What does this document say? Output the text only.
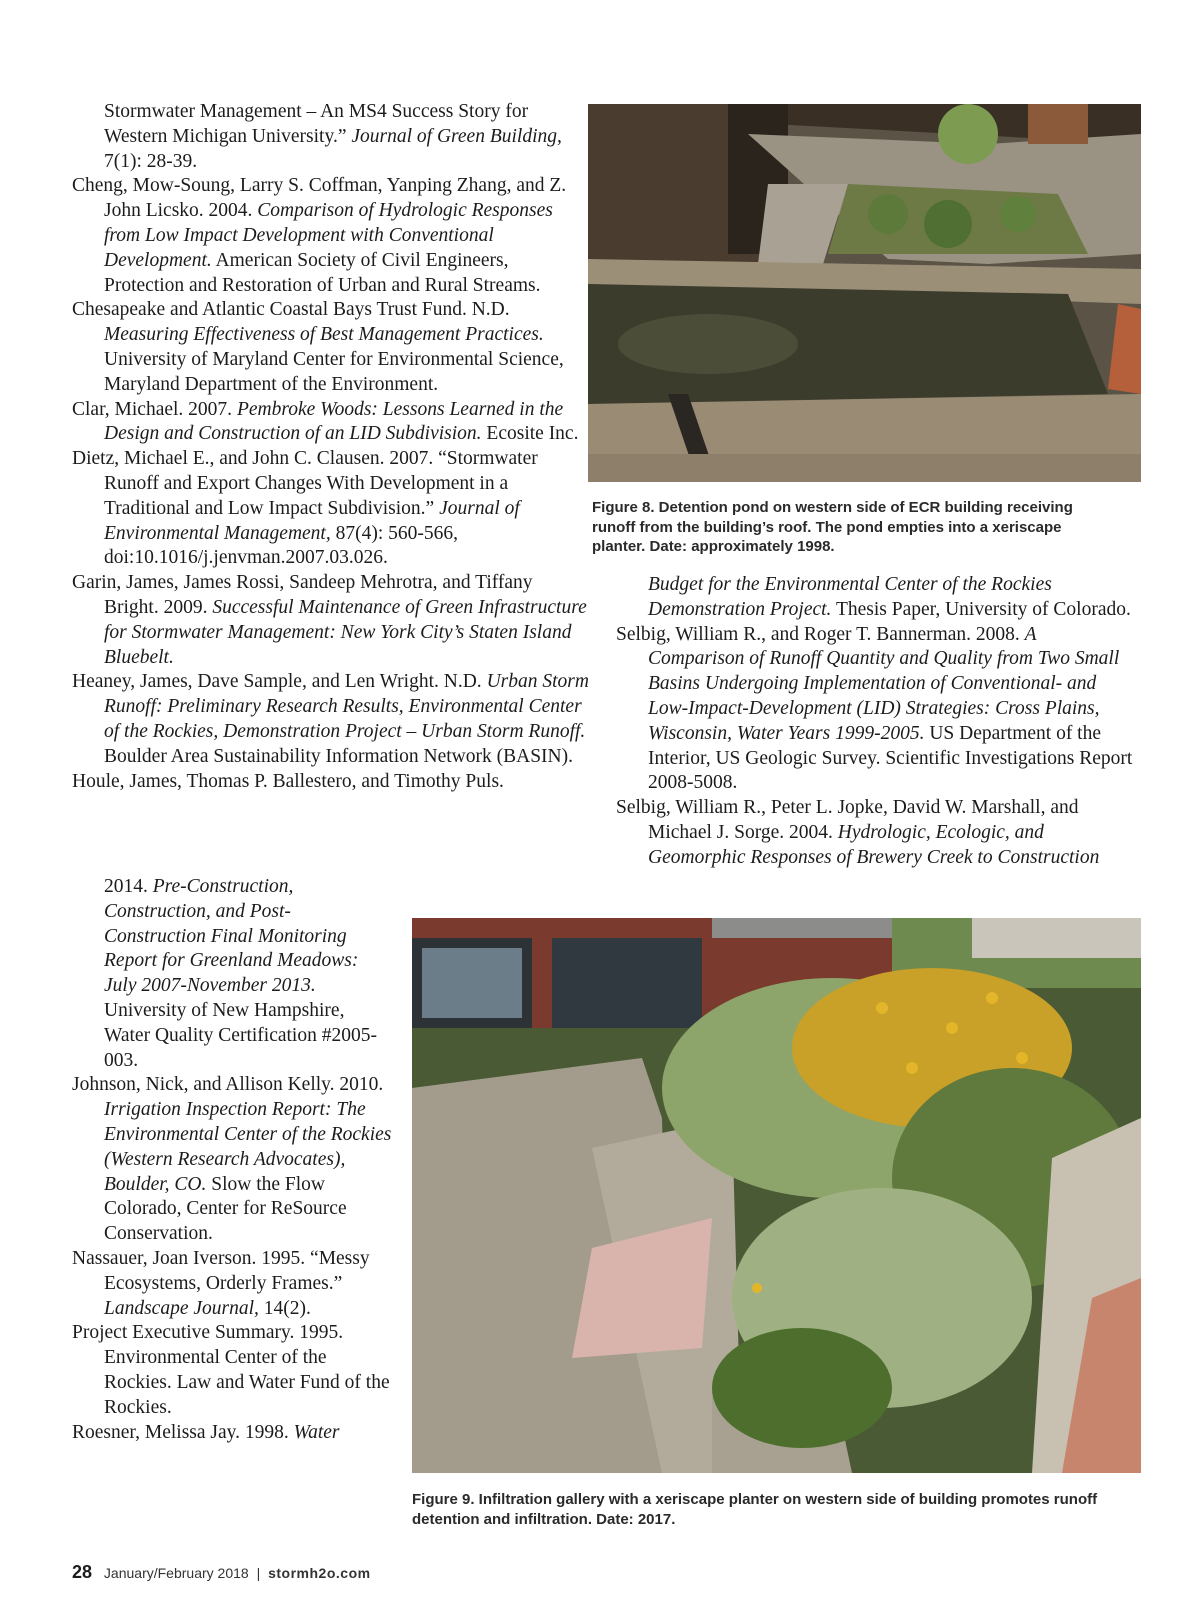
Stormwater Management – An MS4 Success Story for Western Michigan University.” Journal of Green Building, 7(1): 28-39.

Cheng, Mow-Soung, Larry S. Coffman, Yanping Zhang, and Z. John Licsko. 2004. Comparison of Hydrologic Responses from Low Impact Development with Conventional Development. American Society of Civil Engineers, Protection and Restoration of Urban and Rural Streams.

Chesapeake and Atlantic Coastal Bays Trust Fund. N.D. Measuring Effectiveness of Best Management Practices. University of Maryland Center for Environmental Science, Maryland Department of the Environment.

Clar, Michael. 2007. Pembroke Woods: Lessons Learned in the Design and Construction of an LID Subdivision. Ecosite Inc.

Dietz, Michael E., and John C. Clausen. 2007. “Stormwater Runoff and Export Changes With Development in a Traditional and Low Impact Subdivision.” Journal of Environmental Management, 87(4): 560-566, doi:10.1016/j.jenvman.2007.03.026.

Garin, James, James Rossi, Sandeep Mehrotra, and Tiffany Bright. 2009. Successful Maintenance of Green Infrastructure for Stormwater Management: New York City’s Staten Island Bluebelt.

Heaney, James, Dave Sample, and Len Wright. N.D. Urban Storm Runoff: Preliminary Research Results, Environmental Center of the Rockies, Demonstration Project – Urban Storm Runoff. Boulder Area Sustainability Information Network (BASIN).

Houle, James, Thomas P. Ballestero, and Timothy Puls.

2014. Pre-Construction, Construction, and Post-Construction Final Monitoring Report for Greenland Meadows: July 2007-November 2013. University of New Hampshire, Water Quality Certification #2005-003.

Johnson, Nick, and Allison Kelly. 2010. Irrigation Inspection Report: The Environmental Center of the Rockies (Western Research Advocates), Boulder, CO. Slow the Flow Colorado, Center for ReSource Conservation.

Nassauer, Joan Iverson. 1995. “Messy Ecosystems, Orderly Frames.” Landscape Journal, 14(2).

Project Executive Summary. 1995. Environmental Center of the Rockies. Law and Water Fund of the Rockies.

Roesner, Melissa Jay. 1998. Water

Budget for the Environmental Center of the Rockies Demonstration Project. Thesis Paper, University of Colorado.

Selbig, William R., and Roger T. Bannerman. 2008. A Comparison of Runoff Quantity and Quality from Two Small Basins Undergoing Implementation of Conventional- and Low-Impact-Development (LID) Strategies: Cross Plains, Wisconsin, Water Years 1999-2005. US Department of the Interior, US Geologic Survey. Scientific Investigations Report 2008-5008.

Selbig, William R., Peter L. Jopke, David W. Marshall, and Michael J. Sorge. 2004. Hydrologic, Ecologic, and Geomorphic Responses of Brewery Creek to Construction

Figure 8. Detention pond on western side of ECR building receiving runoff from the building’s roof. The pond empties into a xeriscape planter. Date: approximately 1998.
Figure 9. Infiltration gallery with a xeriscape planter on western side of building promotes runoff detention and infiltration. Date: 2017.
28 January/February 2018 | stormh2o.com
